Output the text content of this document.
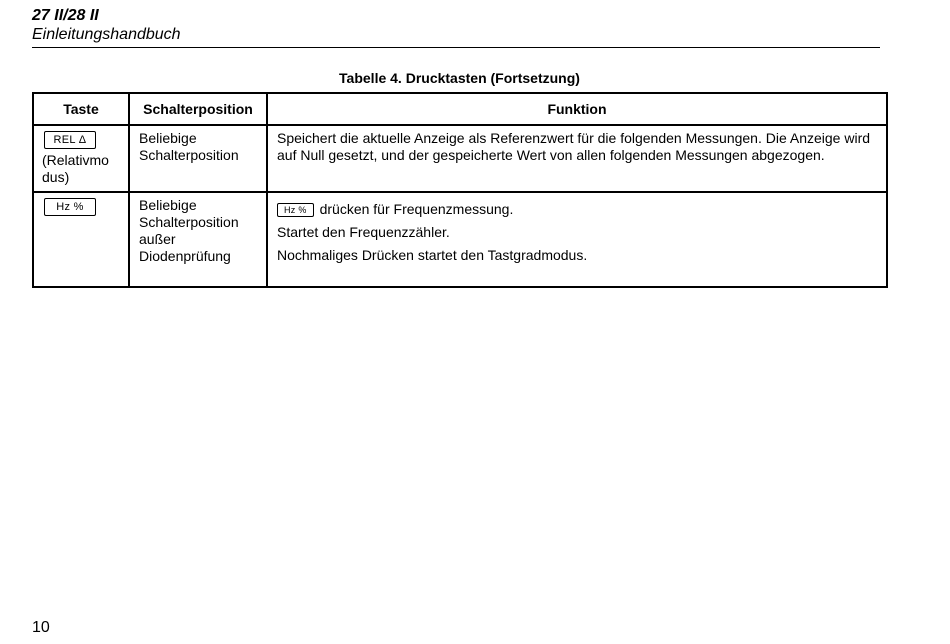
27 II/28 II
Einleitungshandbuch
Tabelle 4. Drucktasten (Fortsetzung)
Taste	Schalterposition	Funktion

REL Δ
(Relativmo dus)	Beliebige Schalterposition	Speichert die aktuelle Anzeige als Referenzwert für die folgenden Messungen. Die Anzeige wird auf Null gesetzt, und der gespeicherte Wert von allen folgenden Messungen abgezogen.

Hz %	Beliebige Schalterposition außer Diodenprüfung	Hz % drücken für Frequenzmessung.
Startet den Frequenzzähler.
Nochmaliges Drücken startet den Tastgradmodus.
10
